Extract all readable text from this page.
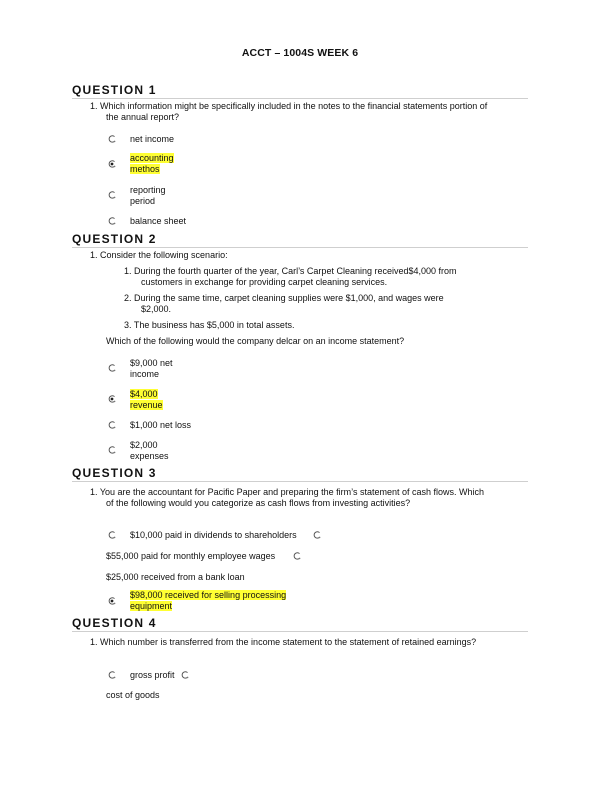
ACCT – 1004S WEEK 6
QUESTION 1
1. Which information might be specifically included in the notes to the financial statements portion of
the annual report?
net income
accounting
methos
reporting
period
balance sheet
QUESTION 2
1. Consider the following scenario:
1. During the fourth quarter of the year, Carl’s Carpet Cleaning received$4,000 from
customers in exchange for providing carpet cleaning services.
2. During the same time, carpet cleaning supplies were $1,000, and wages were
$2,000.
3. The business has $5,000 in total assets.
Which of the following would the company delcar on an income statement?
$9,000 net
income
$4,000
revenue
$1,000 net loss
$2,000
expenses
QUESTION 3
1. You are the accountant for Pacific Paper and preparing the firm’s statement of cash flows. Which
of the following would you categorize as cash flows from investing activities?
$10,000 paid in dividends to shareholders
$55,000 paid for monthly employee wages
$25,000 received from a bank loan
$98,000 received for selling processing
equipment
QUESTION 4
1. Which number is transferred from the income statement to the statement of retained earnings?
gross profit
cost of goods
